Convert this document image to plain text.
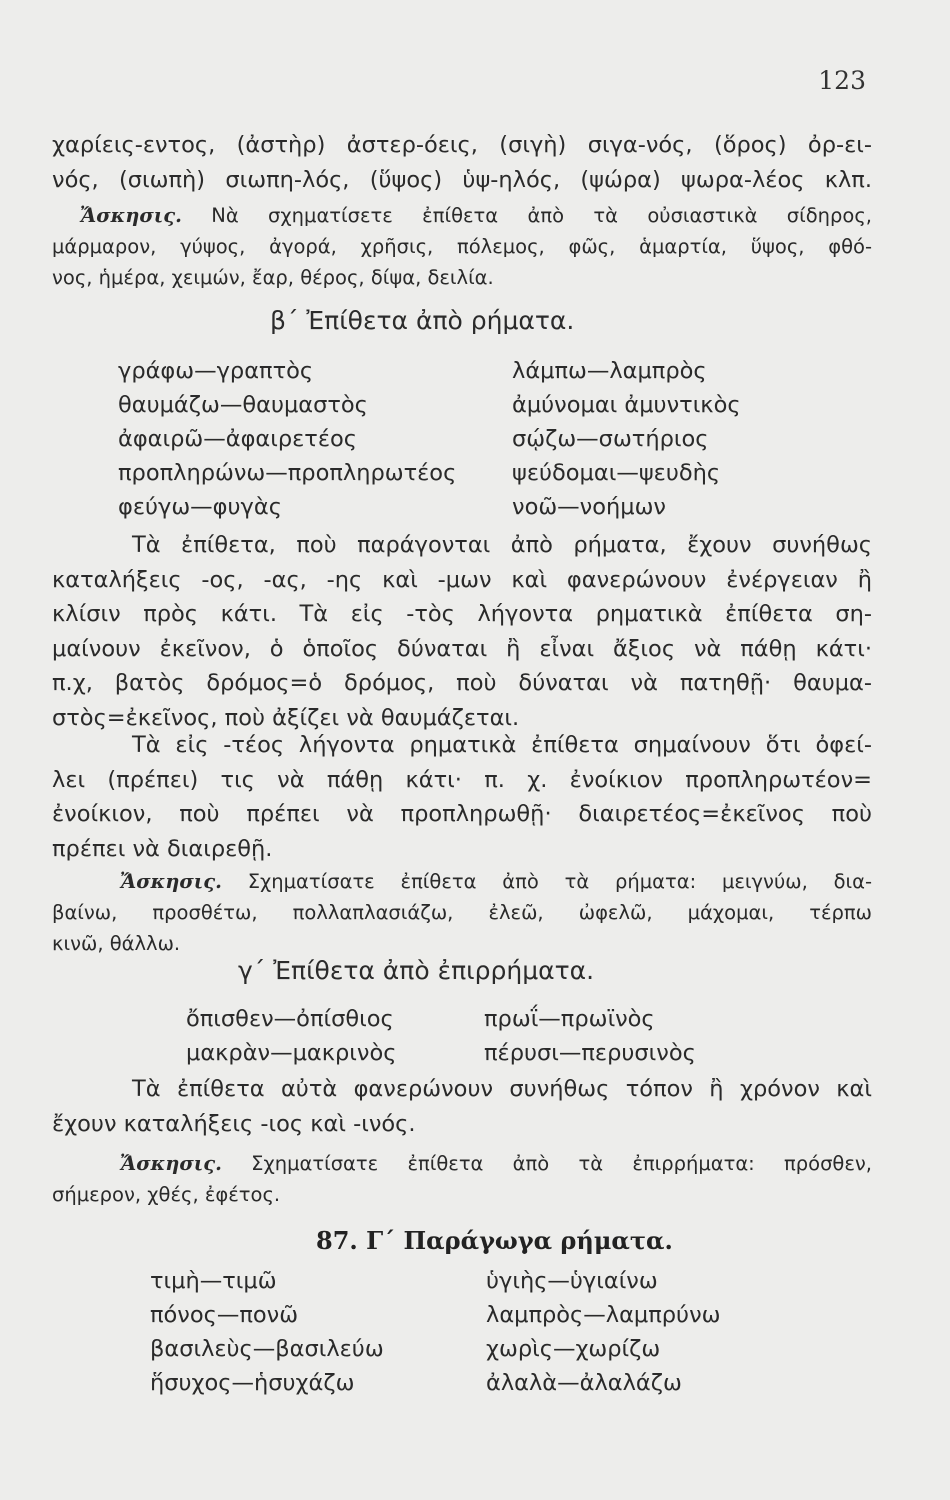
123
χαρίεις-εντος, (ἀστὴρ) ἀστερ-όεις, (σιγὴ) σιγα-νός, (ὅρος) ὀρ-ει-
νός, (σιωπὴ) σιωπη-λός, (ὕψος) ὑψ-ηλός, (ψώρα) ψωρα-λέος κλπ.
Ἄσκησις. Νὰ σχηματίσετε ἐπίθετα ἀπὸ τὰ οὐσιαστικὰ σίδηρος,
μάρμαρον, γύψος, ἀγορά, χρῆσις, πόλεμος, φῶς, ἁμαρτία, ὕψος, φθό-
νος, ἡμέρα, χειμών, ἔαρ, θέρος, δίψα, δειλία.
β΄ Ἐπίθετα ἀπὸ ρήματα.
γράφω—γραπτὸς
θαυμάζω—θαυμαστὸς
ἀφαιρῶ—ἀφαιρετέος
προπληρώνω—προπληρωτέος
φεύγω—φυγὰς
λάμπω—λαμπρὸς
ἀμύνομαι ἀμυντικὸς
σῴζω—σωτήριος
ψεύδομαι—ψευδὴς
νοῶ—νοήμων
Τὰ ἐπίθετα, ποὺ παράγονται ἀπὸ ρήματα, ἔχουν συνήθως
καταλήξεις -ος, -ας, -ης καὶ -μων καὶ φανερώνουν ἐνέργειαν ἢ
κλίσιν πρὸς κάτι. Τὰ εἰς -τὸς λήγοντα ρηματικὰ ἐπίθετα ση-
μαίνουν ἐκεῖνον, ὁ ὁποῖος δύναται ἢ εἶναι ἄξιος νὰ πάθῃ κάτι·
π.χ, βατὸς δρόμος=ὁ δρόμος, ποὺ δύναται νὰ πατηθῇ· θαυμα-
στὸς=ἐκεῖνος, ποὺ ἀξίζει νὰ θαυμάζεται.
Τὰ εἰς -τέος λήγοντα ρηματικὰ ἐπίθετα σημαίνουν ὅτι ὀφεί-
λει (πρέπει) τις νὰ πάθῃ κάτι· π. χ. ἐνοίκιον προπληρωτέον=
ἐνοίκιον, ποὺ πρέπει νὰ προπληρωθῇ· διαιρετέος=ἐκεῖνος ποὺ
πρέπει νὰ διαιρεθῇ.
Ἄσκησις. Σχηματίσατε ἐπίθετα ἀπὸ τὰ ρήματα: μειγνύω, δια-
βαίνω, προσθέτω, πολλαπλασιάζω, ἐλεῶ, ὠφελῶ, μάχομαι, τέρπω
κινῶ, θάλλω.
γ΄ Ἐπίθετα ἀπὸ ἐπιρρήματα.
ὄπισθεν—ὀπίσθιος
μακρὰν—μακρινὸς
πρωΐ—πρωϊνὸς
πέρυσι—περυσινὸς
Τὰ ἐπίθετα αὐτὰ φανερώνουν συνήθως τόπον ἢ χρόνον καὶ
ἔχουν καταλήξεις -ιος καὶ -ινός.
Ἄσκησις. Σχηματίσατε ἐπίθετα ἀπὸ τὰ ἐπιρρήματα: πρόσθεν,
σήμερον, χθές, ἐφέτος.
87. Γ΄ Παράγωγα ρήματα.
τιμὴ—τιμῶ
πόνος—πονῶ
βασιλεὺς—βασιλεύω
ἥσυχος—ἡσυχάζω
ὑγιὴς—ὑγιαίνω
λαμπρὸς—λαμπρύνω
χωρὶς—χωρίζω
ἀλαλὰ—ἀλαλάζω
